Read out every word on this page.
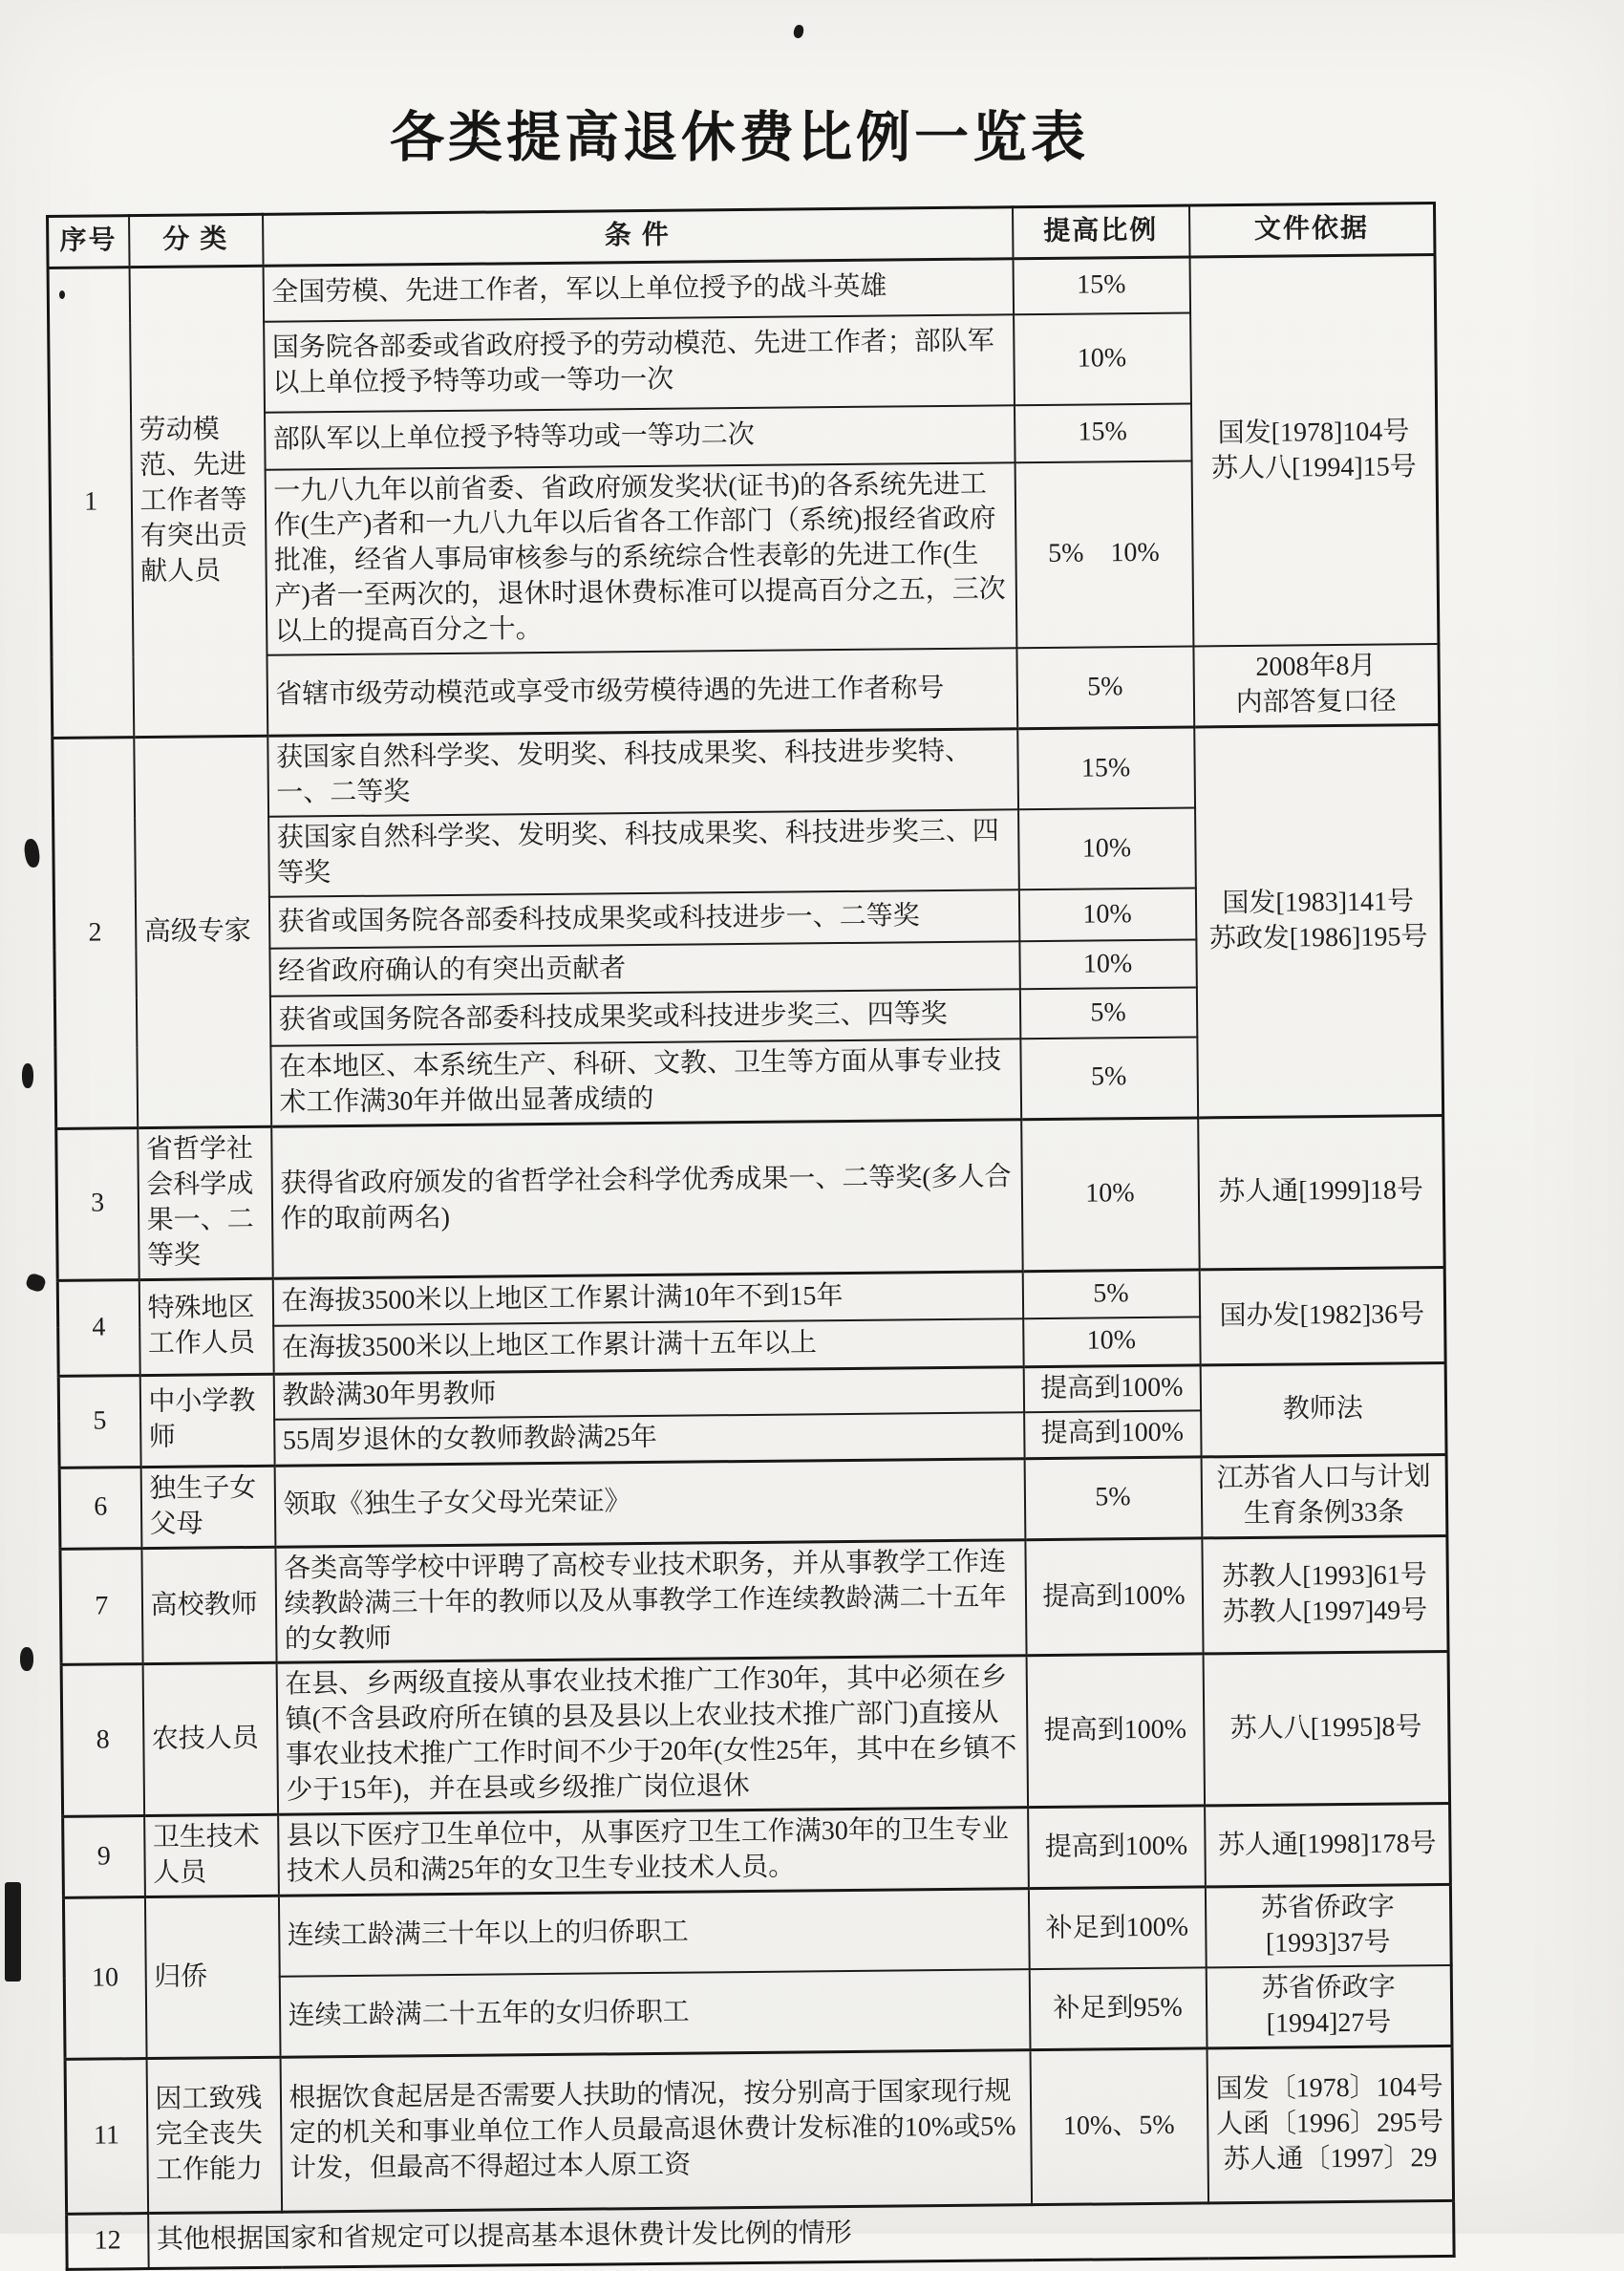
各类提高退休费比例一览表
序号	分 类	条 件	提高比例	文件依据
1	劳动模范、先进工作者等有突出贡献人员	全国劳模、先进工作者，军以上单位授予的战斗英雄	15%	国发[1978]104号
苏人八[1994]15号
		国务院各部委或省政府授予的劳动模范、先进工作者；部队军以上单位授予特等功或一等功一次	10%	
		部队军以上单位授予特等功或一等功二次	15%	
		一九八九年以前省委、省政府颁发奖状(证书)的各系统先进工作(生产)者和一九八九年以后省各工作部门（系统)报经省政府批准，经省人事局审核参与的系统综合性表彰的先进工作(生产)者一至两次的，退休时退休费标准可以提高百分之五，三次以上的提高百分之十。	5%　10%	
		省辖市级劳动模范或享受市级劳模待遇的先进工作者称号	5%	2008年8月
内部答复口径
2	高级专家	获国家自然科学奖、发明奖、科技成果奖、科技进步奖特、一、二等奖	15%	国发[1983]141号
苏政发[1986]195号
		获国家自然科学奖、发明奖、科技成果奖、科技进步奖三、四等奖	10%	
		获省或国务院各部委科技成果奖或科技进步一、二等奖	10%	
		经省政府确认的有突出贡献者	10%	
		获省或国务院各部委科技成果奖或科技进步奖三、四等奖	5%	
		在本地区、本系统生产、科研、文教、卫生等方面从事专业技术工作满30年并做出显著成绩的	5%	
3	省哲学社会科学成果一、二等奖	获得省政府颁发的省哲学社会科学优秀成果一、二等奖(多人合作的取前两名)	10%	苏人通[1999]18号
4	特殊地区工作人员	在海拔3500米以上地区工作累计满10年不到15年	5%	国办发[1982]36号
		在海拔3500米以上地区工作累计满十五年以上	10%	
5	中小学教师	教龄满30年男教师	提高到100%	教师法
		55周岁退休的女教师教龄满25年	提高到100%	
6	独生子女父母	领取《独生子女父母光荣证》	5%	江苏省人口与计划生育条例33条
7	高校教师	各类高等学校中评聘了高校专业技术职务，并从事教学工作连续教龄满三十年的教师以及从事教学工作连续教龄满二十五年的女教师	提高到100%	苏教人[1993]61号
苏教人[1997]49号
8	农技人员	在县、乡两级直接从事农业技术推广工作30年，其中必须在乡镇(不含县政府所在镇的县及县以上农业技术推广部门)直接从事农业技术推广工作时间不少于20年(女性25年，其中在乡镇不少于15年)，并在县或乡级推广岗位退休	提高到100%	苏人八[1995]8号
9	卫生技术人员	县以下医疗卫生单位中，从事医疗卫生工作满30年的卫生专业技术人员和满25年的女卫生专业技术人员。	提高到100%	苏人通[1998]178号
10	归侨	连续工龄满三十年以上的归侨职工	补足到100%	苏省侨政字[1993]37号
		连续工龄满二十五年的女归侨职工	补足到95%	苏省侨政字[1994]27号
11	因工致残完全丧失工作能力	根据饮食起居是否需要人扶助的情况，按分别高于国家现行规定的机关和事业单位工作人员最高退休费计发标准的10%或5%计发，但最高不得超过本人原工资	10%、5%	国发〔1978〕104号
人函〔1996〕295号
苏人通〔1997〕29
12	其他根据国家和省规定可以提高基本退休费计发比例的情形			
